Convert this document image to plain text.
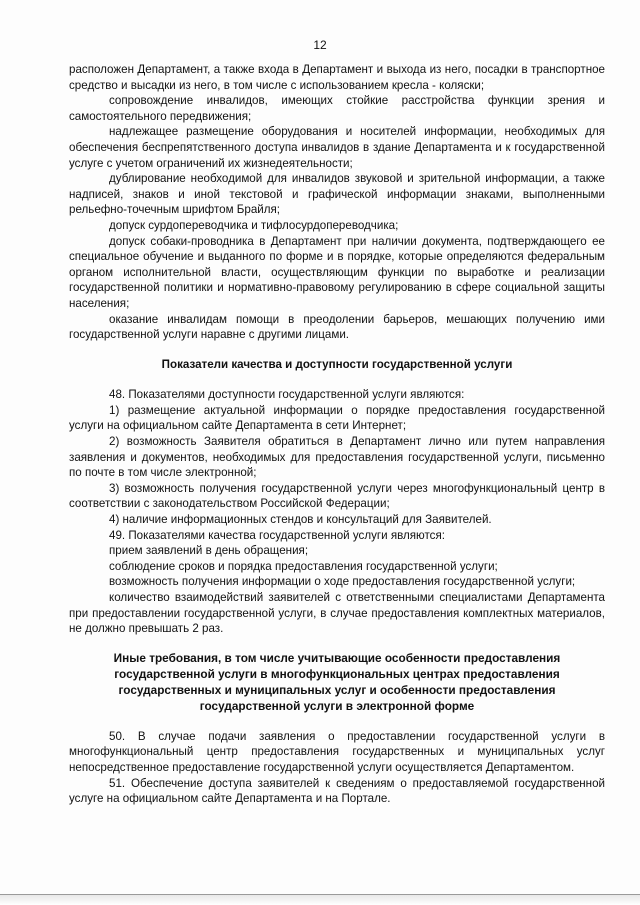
12

расположен Департамент, а также входа в Департамент и выхода из него, посадки в транспортное средство и высадки из него, в том числе с использованием кресла - коляски;

сопровождение инвалидов, имеющих стойкие расстройства функции зрения и самостоятельного передвижения;

надлежащее размещение оборудования и носителей информации, необходимых для обеспечения беспрепятственного доступа инвалидов в здание Департамента и к государственной услуге с учетом ограничений их жизнедеятельности;

дублирование необходимой для инвалидов звуковой и зрительной информации, а также надписей, знаков и иной текстовой и графической информации знаками, выполненными рельефно-точечным шрифтом Брайля;

допуск сурдопереводчика и тифлосурдопереводчика;

допуск собаки-проводника в Департамент при наличии документа, подтверждающего ее специальное обучение и выданного по форме и в порядке, которые определяются федеральным органом исполнительной власти, осуществляющим функции по выработке и реализации государственной политики и нормативно-правовому регулированию в сфере социальной защиты населения;

оказание инвалидам помощи в преодолении барьеров, мешающих получению ими государственной услуги наравне с другими лицами.

Показатели качества и доступности государственной услуги

48. Показателями доступности государственной услуги являются:

1) размещение актуальной информации о порядке предоставления государственной услуги на официальном сайте Департамента в сети Интернет;

2) возможность Заявителя обратиться в Департамент лично или путем направления заявления и документов, необходимых для предоставления государственной услуги, письменно по почте в том числе электронной;

3) возможность получения государственной услуги через многофункциональный центр в соответствии с законодательством Российской Федерации;

4) наличие информационных стендов и консультаций для Заявителей.

49. Показателями качества государственной услуги являются:

прием заявлений в день обращения;

соблюдение сроков и порядка предоставления государственной услуги;

возможность получения информации о ходе предоставления государственной услуги;

количество взаимодействий заявителей с ответственными специалистами Департамента при предоставлении государственной услуги, в случае предоставления комплектных материалов, не должно превышать 2 раз.

Иные требования, в том числе учитывающие особенности предоставления государственной услуги в многофункциональных центрах предоставления государственных и муниципальных услуг и особенности предоставления государственной услуги в электронной форме

50. В случае подачи заявления о предоставлении государственной услуги в многофункциональный центр предоставления государственных и муниципальных услуг непосредственное предоставление государственной услуги осуществляется Департаментом.

51. Обеспечение доступа заявителей к сведениям о предоставляемой государственной услуге на официальном сайте Департамента и на Портале.
